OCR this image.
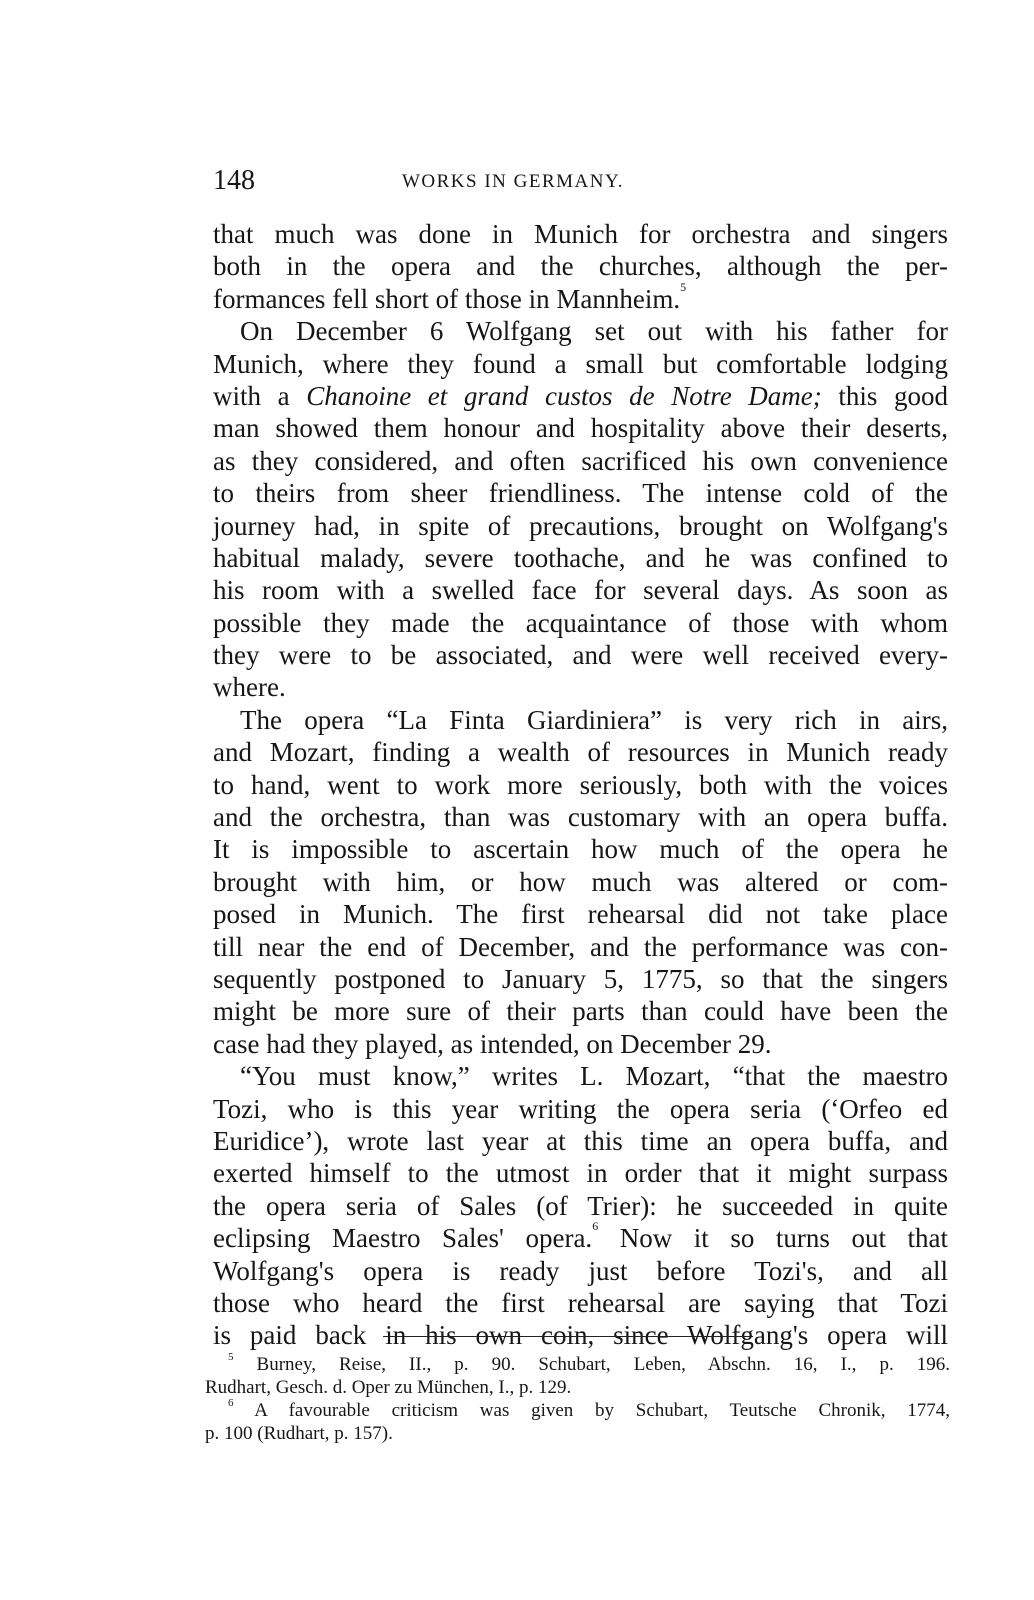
148	WORKS IN GERMANY.
that much was done in Munich for orchestra and singers
both in the opera and the churches, although the per-
formances fell short of those in Mannheim.$^5$
On December 6 Wolfgang set out with his father for
Munich, where they found a small but comfortable lodging
with a Chanoine et grand custos de Notre Dame; this good
man showed them honour and hospitality above their deserts,
as they considered, and often sacrificed his own convenience
to theirs from sheer friendliness. The intense cold of the
journey had, in spite of precautions, brought on Wolfgang's
habitual malady, severe toothache, and he was confined to
his room with a swelled face for several days. As soon as
possible they made the acquaintance of those with whom
they were to be associated, and were well received every-
where.
The opera “La Finta Giardiniera” is very rich in airs,
and Mozart, finding a wealth of resources in Munich ready
to hand, went to work more seriously, both with the voices
and the orchestra, than was customary with an opera buffa.
It is impossible to ascertain how much of the opera he
brought with him, or how much was altered or com-
posed in Munich. The first rehearsal did not take place
till near the end of December, and the performance was con-
sequently postponed to January 5, 1775, so that the singers
might be more sure of their parts than could have been the
case had they played, as intended, on December 29.
“You must know,” writes L. Mozart, “that the maestro
Tozi, who is this year writing the opera seria (‘Orfeo ed
Euridice’), wrote last year at this time an opera buffa, and
exerted himself to the utmost in order that it might surpass
the opera seria of Sales (of Trier): he succeeded in quite
eclipsing Maestro Sales' opera.$^6$ Now it so turns out that
Wolfgang's opera is ready just before Tozi's, and all
those who heard the first rehearsal are saying that Tozi
is paid back in his own coin, since Wolfgang's opera will
$^5$ Burney, Reise, II., p. 90. Schubart, Leben, Abschn. 16, I., p. 196.
Rudhart, Gesch. d. Oper zu München, I., p. 129.
$^6$ A favourable criticism was given by Schubart, Teutsche Chronik, 1774,
p. 100 (Rudhart, p. 157).
